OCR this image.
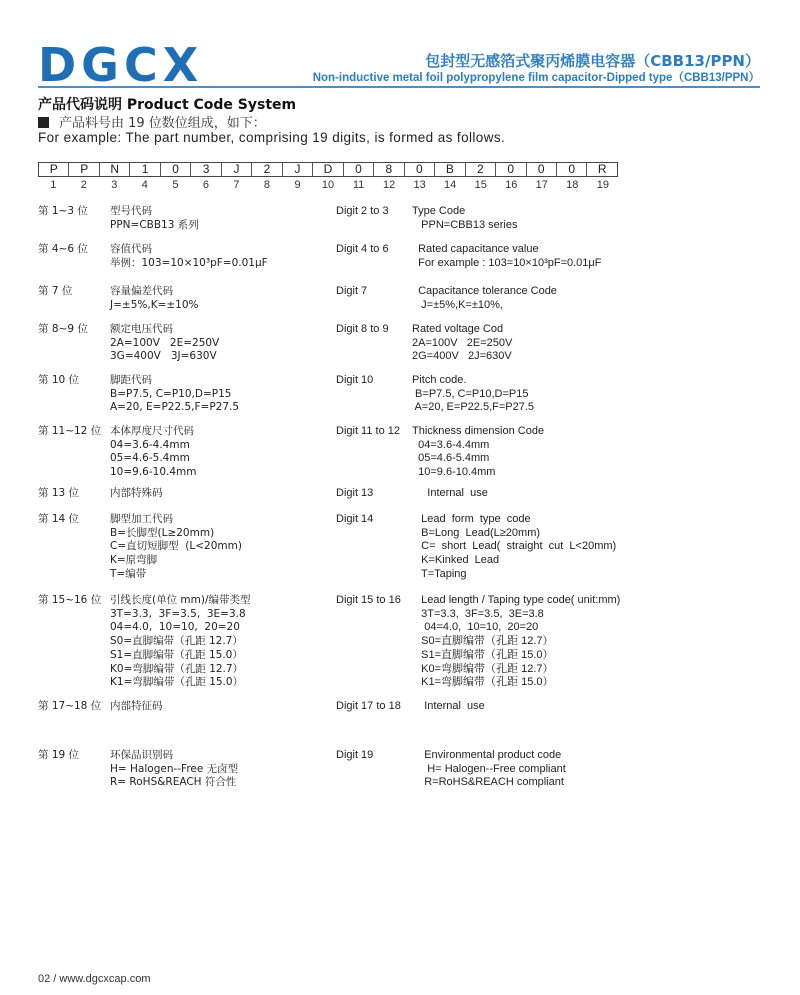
DGCX	包封型无感箔式聚丙烯膜电容器（CBB13/PPN）
Non-inductive metal foil polypropylene film capacitor-Dipped type（CBB13/PPN）
产品代码说明 Product Code System
产品料号由 19 位数位组成，如下：
For example: The part number, comprising 19 digits, is formed as follows.
P	P	N	1	0	3	J	2	J	D	0	8	0	B	2	0	0	0	R
1	2	3	4	5	6	7	8	9	10	11	12	13	14	15	16	17	18	19
第 1~3 位 型号代码
PPN=CBB13 系列
Digit 2 to 3 Type Code
PPN=CBB13 series
第 4~6 位 容值代码
举例：103=10×10³pF=0.01μF
Digit 4 to 6 Rated capacitance value
For example : 103=10×10³pF=0.01μF
第 7 位	容量偏差代码
J=±5%,K=±10%
Digit 7	Capacitance tolerance Code
J=±5%,K=±10%,
第 8~9 位 额定电压代码
2A=100V   2E=250V
3G=400V   3J=630V
Digit 8 to 9 Rated voltage Cod
2A=100V   2E=250V
2G=400V   2J=630V
第 10 位	脚距代码
B=P7.5, C=P10,D=P15
A=20, E=P22.5,F=P27.5
Digit 10	Pitch code.
B=P7.5, C=P10,D=P15
A=20, E=P22.5,F=P27.5
第 11~12 位 本体厚度尺寸代码
04=3.6-4.4mm
05=4.6-5.4mm
10=9.6-10.4mm
Digit 11 to 12 Thickness dimension Code
04=3.6-4.4mm
05=4.6-5.4mm
10=9.6-10.4mm
第 13 位	内部特殊码	Digit 13	Internal  use
第 14 位	脚型加工代码
B=长脚型(L≥20mm)
C=直切短脚型  (L<20mm)
K=原弯脚
T=编带
Digit 14	Lead  form  type  code
B=Long  Lead(L≥20mm)
C=  short  Lead(  straight  cut  L<20mm)
K=Kinked  Lead
T=Taping
第 15~16 位 引线长度(单位 mm)/编带类型
3T=3.3,  3F=3.5,  3E=3.8
04=4.0,  10=10,  20=20
S0=直脚编带（孔距 12.7）
S1=直脚编带（孔距 15.0）
K0=弯脚编带（孔距 12.7）
K1=弯脚编带（孔距 15.0）
Digit 15 to 16 Lead length / Taping type code( unit:mm)
3T=3.3,  3F=3.5,  3E=3.8
04=4.0,  10=10,  20=20
S0=直脚编带（孔距 12.7）
S1=直脚编带（孔距 15.0）
K0=弯脚编带（孔距 12.7）
K1=弯脚编带（孔距 15.0）
第 17~18 位 内部特征码	Digit 17 to 18 Internal  use
第 19 位	环保品识别码
H= Halogen--Free 无卤型
R= RoHS&REACH 符合性
Digit 19	Environmental product code
H= Halogen--Free compliant
R=RoHS&REACH compliant
02 / www.dgcxcap.com
